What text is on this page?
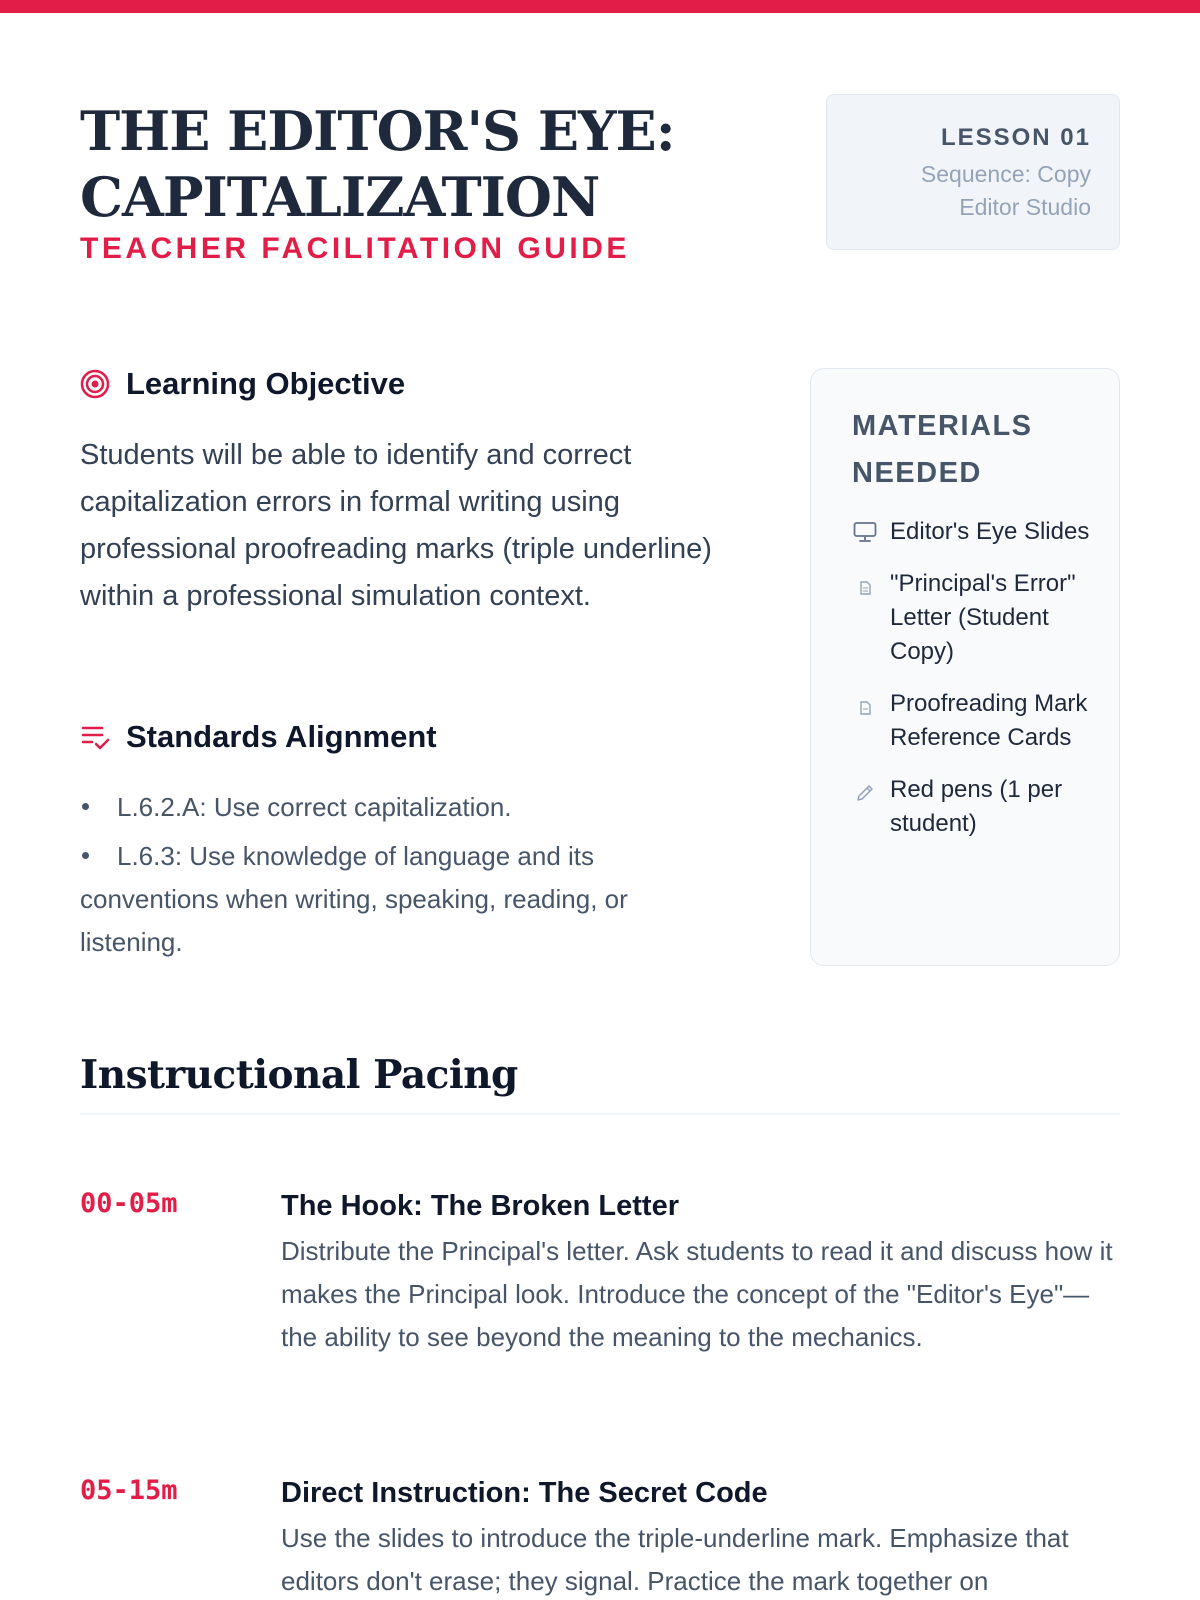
THE EDITOR'S EYE:
CAPITALIZATION
TEACHER FACILITATION GUIDE
LESSON 01
Sequence: Copy
Editor Studio
Learning Objective

Students will be able to identify and correct capitalization errors in formal writing using professional proofreading marks (triple underline) within a professional simulation context.

Standards Alignment
L.6.2.A: Use correct capitalization.
L.6.3: Use knowledge of language and its conventions when writing, speaking, reading, or listening.
MATERIALS
NEEDED
Editor's Eye Slides
"Principal's Error" Letter (Student Copy)
Proofreading Mark Reference Cards
Red pens (1 per student)
Instructional Pacing
00-05m	The Hook: The Broken Letter
Distribute the Principal's letter. Ask students to read it and discuss how it makes the Principal look. Introduce the concept of the "Editor's Eye"—the ability to see beyond the meaning to the mechanics.
05-15m	Direct Instruction: The Secret Code
Use the slides to introduce the triple-underline mark. Emphasize that editors don't erase; they signal. Practice the mark together on
